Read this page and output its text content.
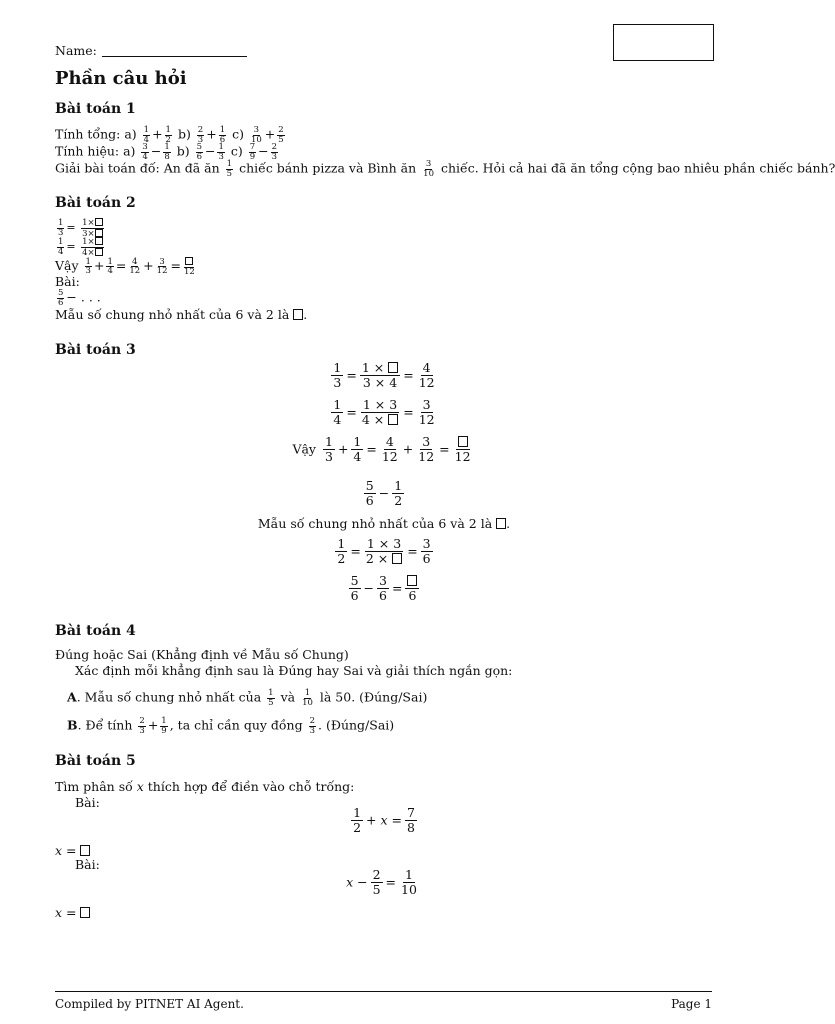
Name:
Phần câu hỏi
Bài toán 1
Tính tổng: $a) \frac{1}{4} + \frac{1}{2} b) \frac{2}{3} + \frac{1}{6} c) \frac{3}{10} + \frac{2}{5}$
Tính hiệu: $a) \frac{3}{4} - \frac{1}{8} b) \frac{5}{6} - \frac{1}{3} c) \frac{7}{9} - \frac{2}{3}$
Giải bài toán đố: An đã ăn $\frac{1}{5}$ chiếc bánh pizza và Bình ăn $\frac{3}{10}$ chiếc. Hỏi cả hai đã ăn tổng cộng bao nhiêu phần chiếc bánh?
Bài toán 2
$\frac{1}{3} = \frac{1\times}{3\times}$
$\frac{1}{4} = \frac{1\times}{4\times}$
Vậy $\frac{1}{3} + \frac{1}{4} = \frac{4}{12} + \frac{3}{12} = 12$
Bài:
$\frac{5}{6}$ − . . .
Mẫu số chung nhỏ nhất của 6 và 2 là .
Bài toán 3
$\frac{1}{3} = \frac{1 \times}{3 \times 4} = \frac{4}{12}$
$\frac{1}{4} = \frac{1 \times 3}{4 \times} = \frac{3}{12}$
Vậy $\frac{1}{3} + \frac{1}{4} = \frac{4}{12} + \frac{3}{12}$ =
12
$\frac{5}{6} - \frac{1}{2}$
Mẫu số chung nhỏ nhất của 6 và 2 là .
$\frac{1}{2} = \frac{1 \times 3}{2 \times} = \frac{3}{6}$
$\frac{5}{6} - \frac{3}{6}$ =
6
Bài toán 4
Đúng hoặc Sai (Khẳng định về Mẫu số Chung)
Xác định mỗi khẳng định sau là Đúng hay Sai và giải thích ngắn gọn:
A. Mẫu số chung nhỏ nhất của $\frac{1}{5}$ và $\frac{1}{10}$ là 50. (Đúng/Sai)
B. Để tính $\frac{2}{3} + \frac{1}{9}$ , ta chỉ cần quy đồng $\frac{2}{3}$ . (Đúng/Sai)
Bài toán 5
Tìm phân số x thích hợp để điền vào chỗ trống:
Bài:
$\frac{1}{2} + x = \frac{7}{8}$
x =
Bài:
$x - \frac{2}{5} = \frac{1}{10}$
x =
Compiled by PITNET AI Agent.	Page 1
